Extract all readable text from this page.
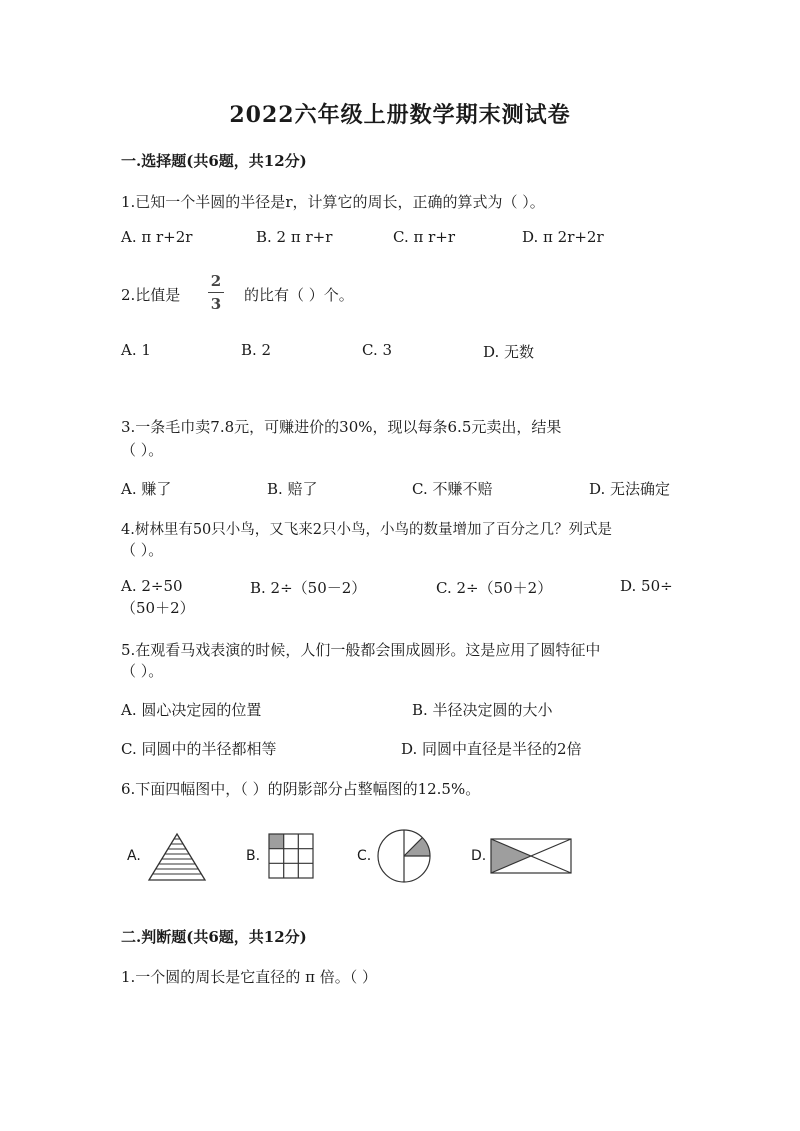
2022六年级上册数学期末测试卷
一.选择题(共6题，共12分)
1.已知一个半圆的半径是r，计算它的周长，正确的算式为（ ）。
A. π r+2r	B. 2 π r+r	C. π r+r	D. π 2r+2r
2.比值是
2
3 的比有（ ）个。
A. 1	B. 2	C. 3	D. 无数
3.一条毛巾卖7.8元，可赚进价的30%，现以每条6.5元卖出，结果
（ ）。
A. 赚了	B. 赔了	C. 不赚不赔	D. 无法确定
4.树林里有50只小鸟，又飞来2只小鸟，小鸟的数量增加了百分之几？列式是
（ ）。
A. 2÷50	B. 2÷（50－2）	C. 2÷（50＋2）	D. 50÷
（50＋2）
5.在观看马戏表演的时候，人们一般都会围成圆形。这是应用了圆特征中
（ ）。
A. 圆心决定园的位置	B. 半径决定圆的大小
C. 同圆中的半径都相等	D. 同圆中直径是半径的2倍
6.下面四幅图中，（ ）的阴影部分占整幅图的12.5%。
A.	B.	C.	D.
二.判断题(共6题，共12分)
1.一个圆的周长是它直径的 π 倍。（ ）
